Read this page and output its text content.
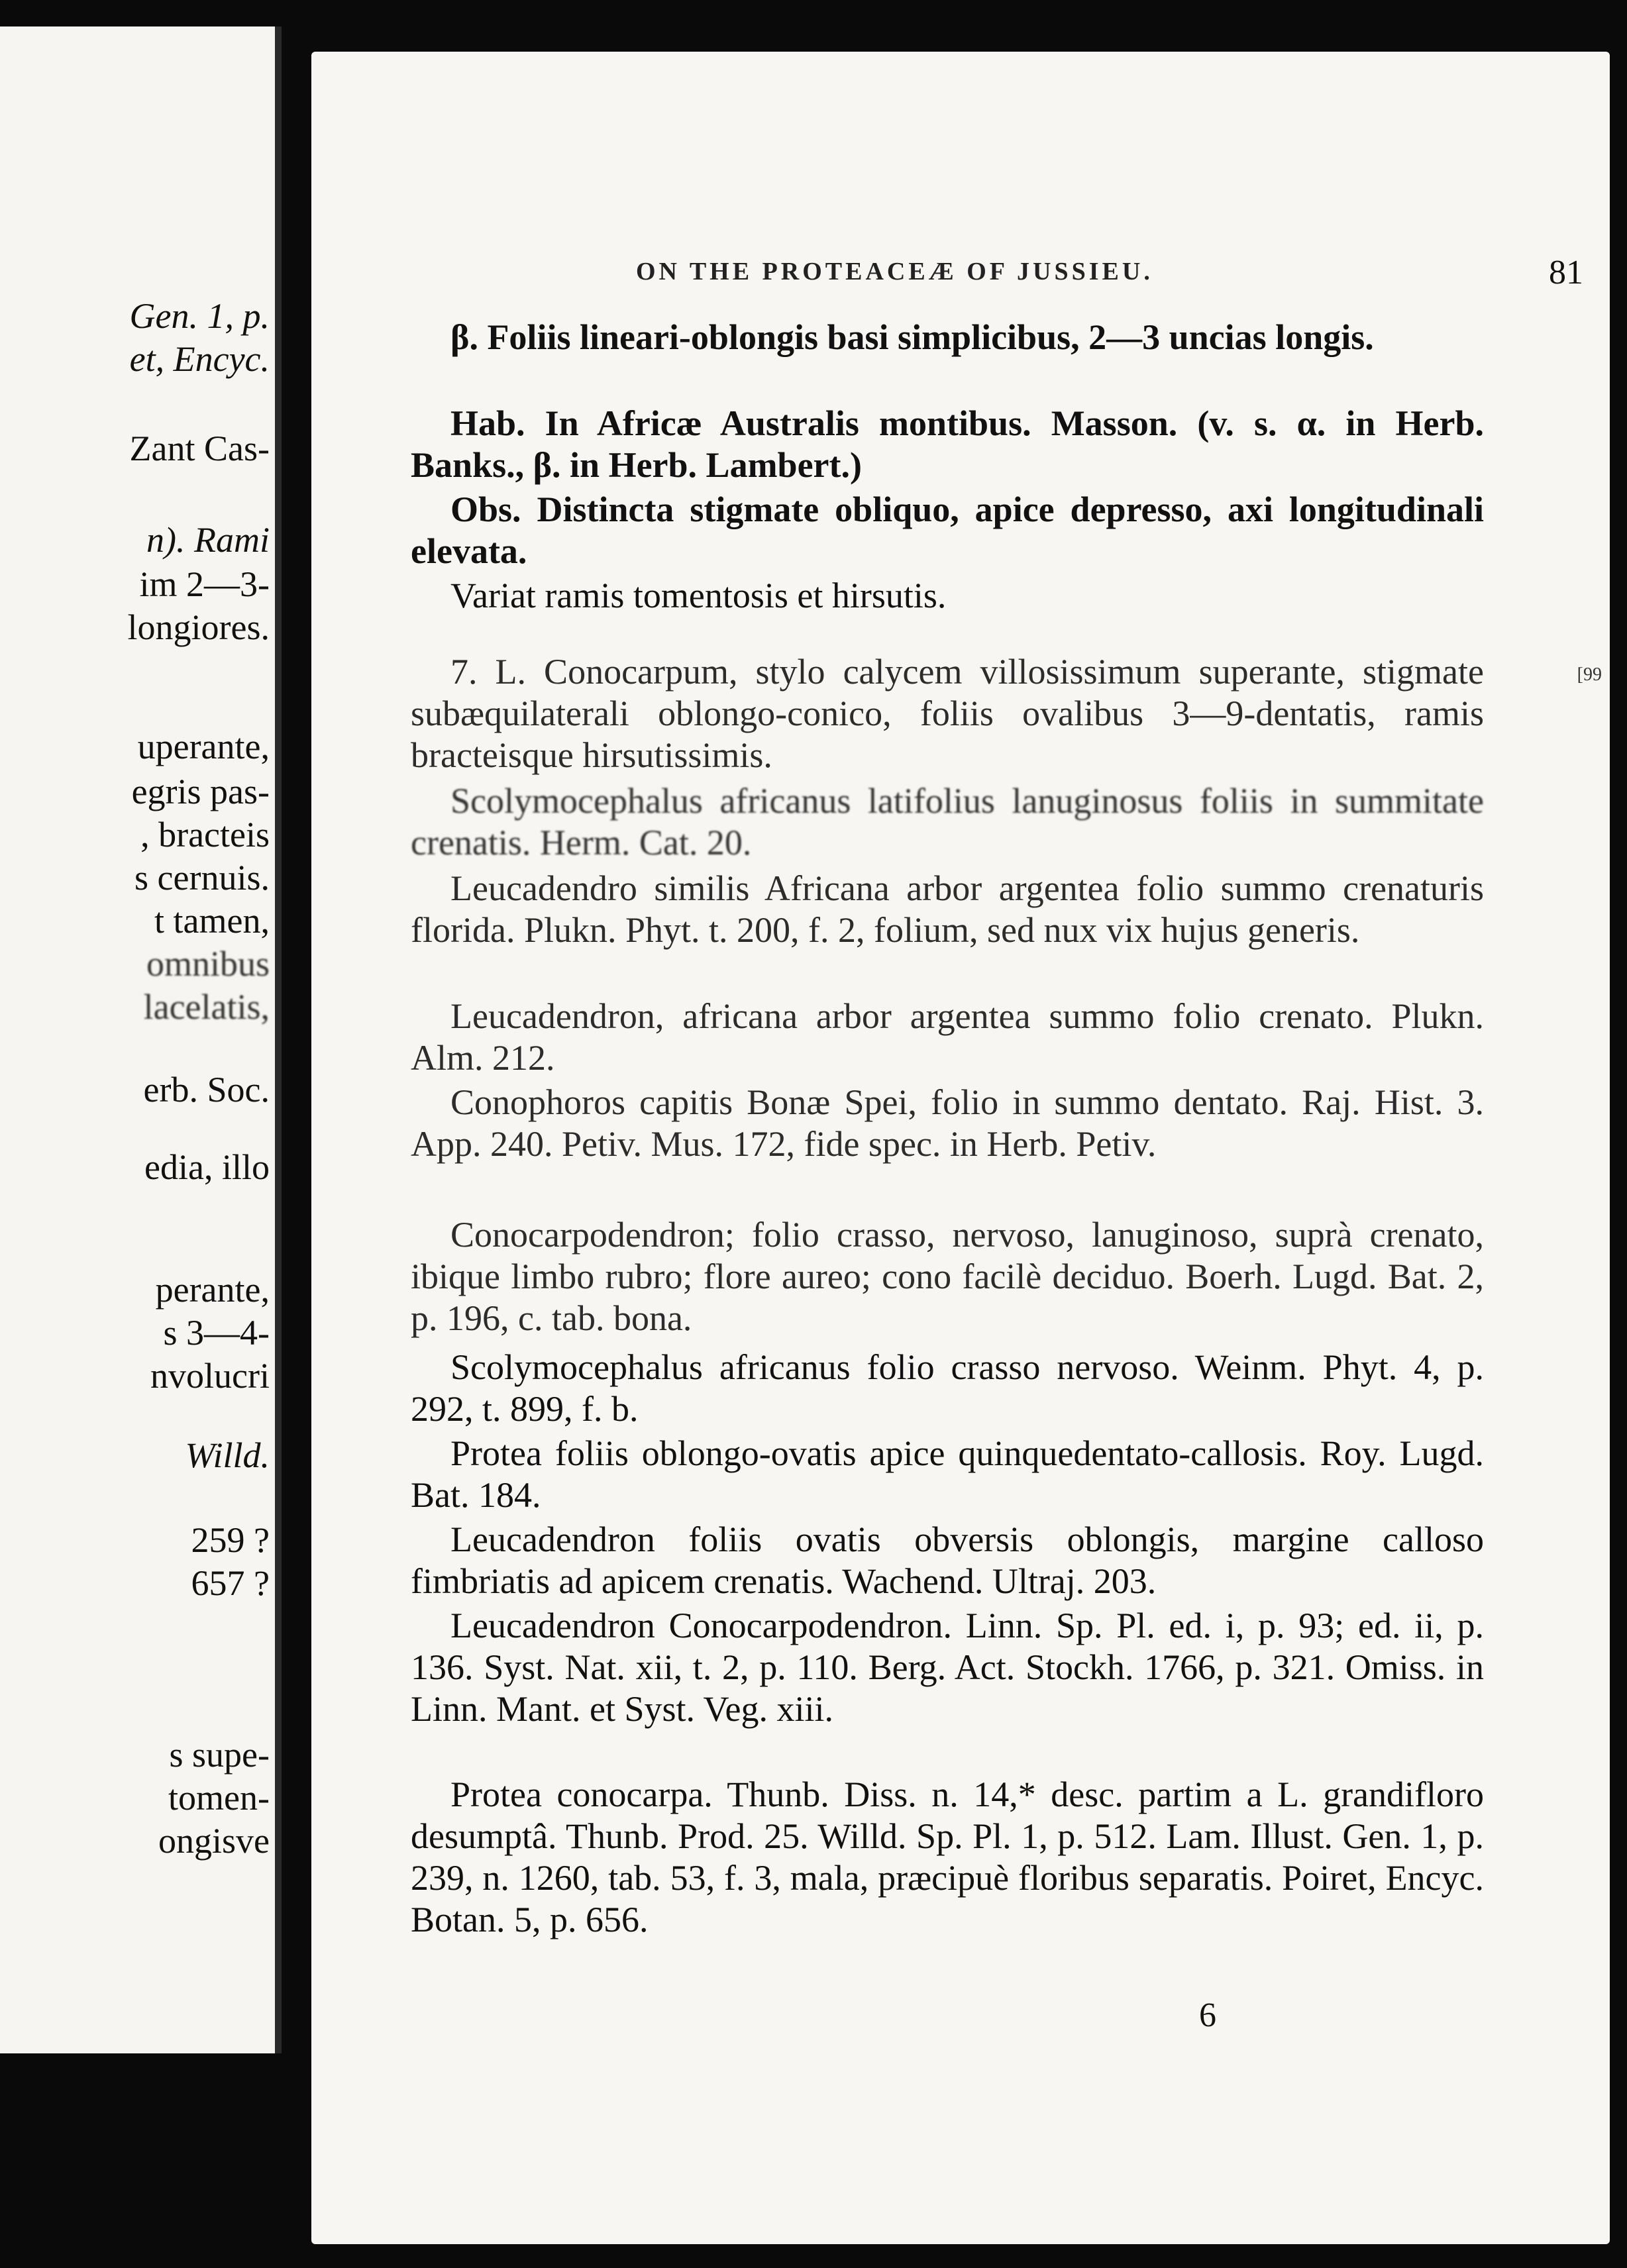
Gen. 1, p.
et, Encyc.
Zant Cas-
n). Rami
im 2—3-
longiores.
uperante,
egris pas-
, bracteis
s cernuis.
t tamen,
omnibus
lacelatis,
erb. Soc.
edia, illo
perante,
s 3—4-
nvolucri
Willd.
259 ?
657 ?
s supe-
tomen-
ongisve
ON THE PROTEACEÆ OF JUSSIEU.	81

β. Foliis lineari-oblongis basi simplicibus, 2—3 uncias longis.

Hab. In Africæ Australis montibus. Masson. (v. s. α. in Herb. Banks., β. in Herb. Lambert.)

Obs. Distincta stigmate obliquo, apice depresso, axi longitudinali elevata.

Variat ramis tomentosis et hirsutis.

[99

7. L. Conocarpum, stylo calycem villosissimum superante, stigmate subæquilaterali oblongo-conico, foliis ovalibus 3—9-dentatis, ramis bracteisque hirsutissimis.

Scolymocephalus africanus latifolius lanuginosus foliis in summitate crenatis. Herm. Cat. 20.

Leucadendro similis Africana arbor argentea folio summo crenaturis florida. Plukn. Phyt. t. 200, f. 2, folium, sed nux vix hujus generis.

Leucadendron, africana arbor argentea summo folio crenato. Plukn. Alm. 212.

Conophoros capitis Bonæ Spei, folio in summo dentato. Raj. Hist. 3. App. 240. Petiv. Mus. 172, fide spec. in Herb. Petiv.

Conocarpodendron; folio crasso, nervoso, lanuginoso, suprà crenato, ibique limbo rubro; flore aureo; cono facilè deciduo. Boerh. Lugd. Bat. 2, p. 196, c. tab. bona.

Scolymocephalus africanus folio crasso nervoso. Weinm. Phyt. 4, p. 292, t. 899, f. b.

Protea foliis oblongo-ovatis apice quinquedentato-callosis. Roy. Lugd. Bat. 184.

Leucadendron foliis ovatis obversis oblongis, margine calloso fimbriatis ad apicem crenatis. Wachend. Ultraj. 203.

Leucadendron Conocarpodendron. Linn. Sp. Pl. ed. i, p. 93; ed. ii, p. 136. Syst. Nat. xii, t. 2, p. 110. Berg. Act. Stockh. 1766, p. 321. Omiss. in Linn. Mant. et Syst. Veg. xiii.

Protea conocarpa. Thunb. Diss. n. 14,* desc. partim a L. grandifloro desumptâ. Thunb. Prod. 25. Willd. Sp. Pl. 1, p. 512. Lam. Illust. Gen. 1, p. 239, n. 1260, tab. 53, f. 3, mala, præcipuè floribus separatis. Poiret, Encyc. Botan. 5, p. 656.

6
